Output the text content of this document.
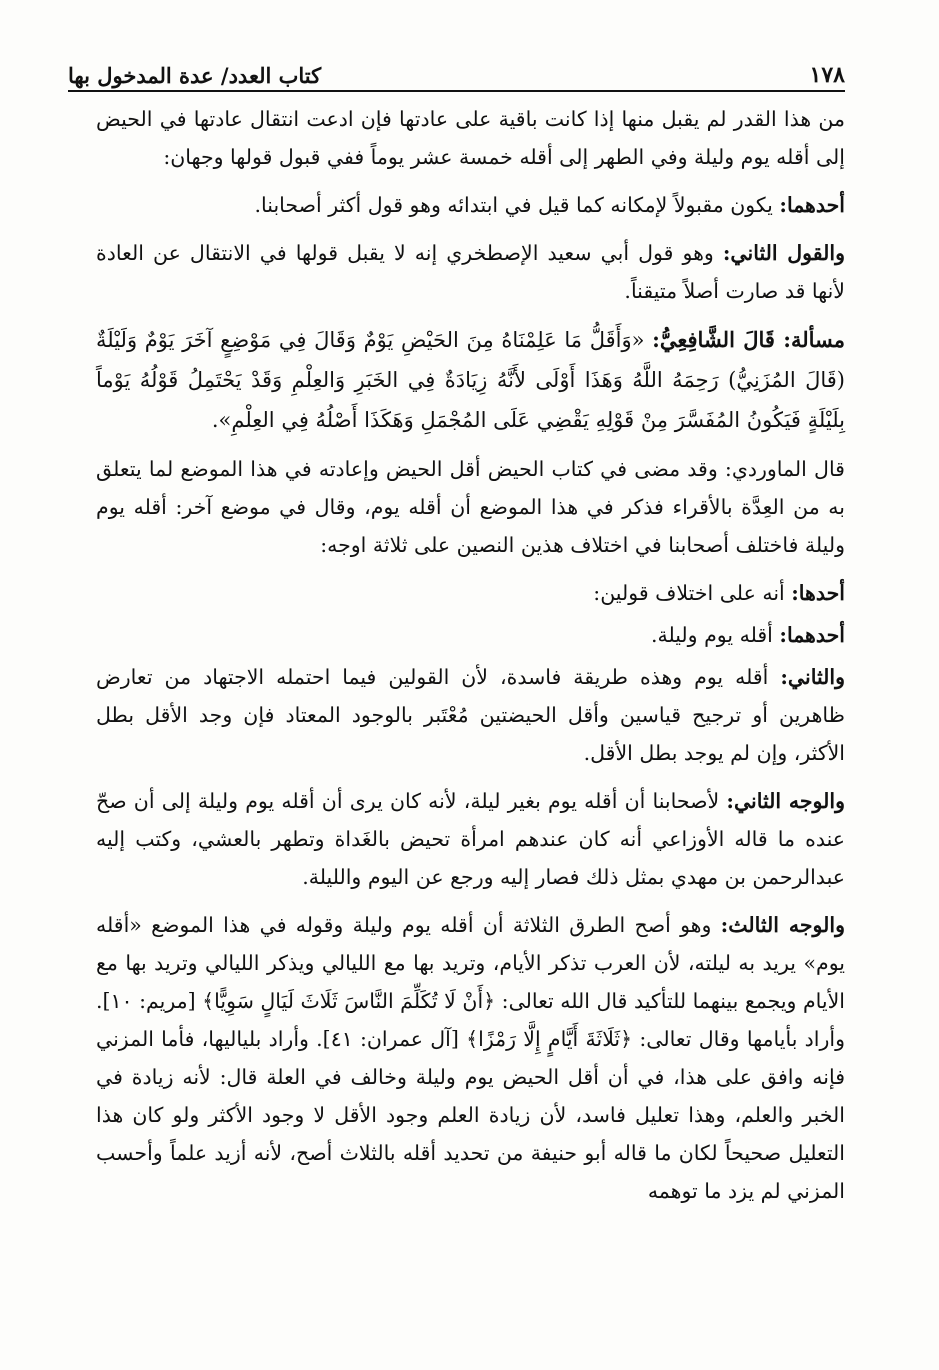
١٧٨
كتاب العدد/ عدة المدخول بها

من هذا القدر لم يقبل منها إذا كانت باقية على عادتها فإن ادعت انتقال عادتها في الحيض إلى أقله يوم وليلة وفي الطهر إلى أقله خمسة عشر يوماً ففي قبول قولها وجهان:

أحدهما: يكون مقبولاً لإمكانه كما قيل في ابتدائه وهو قول أكثر أصحابنا.

والقول الثاني: وهو قول أبي سعيد الإصطخري إنه لا يقبل قولها في الانتقال عن العادة لأنها قد صارت أصلاً متيقناً.

مسألة: قَالَ الشَّافِعِيُّ: «وَأَقَلُّ مَا عَلِمْنَاهُ مِنَ الحَيْضِ يَوْمٌ وَقَالَ فِي مَوْضِعٍ آخَرَ يَوْمٌ وَلَيْلَةٌ (قَالَ المُزَنِيُّ) رَحِمَهُ اللَّهُ وَهَذَا أَوْلَى لأَنَّهُ زِيَادَةٌ فِي الخَبَرِ وَالعِلْمِ وَقَدْ يَحْتَمِلُ قَوْلُهُ يَوْماً بِلَيْلَةٍ فَيَكُونُ المُفَسَّرَ مِنْ قَوْلِهِ يَقْضِي عَلَى المُجْمَلِ وَهَكَذَا أَصْلُهُ فِي العِلْمِ».

قال الماوردي: وقد مضى في كتاب الحيض أقل الحيض وإعادته في هذا الموضع لما يتعلق به من العِدَّة بالأقراء فذكر في هذا الموضع أن أقله يوم، وقال في موضع آخر: أقله يوم وليلة فاختلف أصحابنا في اختلاف هذين النصين على ثلاثة اوجه:

أحدها: أنه على اختلاف قولين:

أحدهما: أقله يوم وليلة.

والثاني: أقله يوم وهذه طريقة فاسدة، لأن القولين فيما احتمله الاجتهاد من تعارض ظاهرين أو ترجيح قياسين وأقل الحيضتين مُعْتَبر بالوجود المعتاد فإن وجد الأقل بطل الأكثر، وإن لم يوجد بطل الأقل.

والوجه الثاني: لأصحابنا أن أقله يوم بغير ليلة، لأنه كان يرى أن أقله يوم وليلة إلى أن صحّ عنده ما قاله الأوزاعي أنه كان عندهم امرأة تحيض بالغَداة وتطهر بالعشي، وكتب إليه عبدالرحمن بن مهدي بمثل ذلك فصار إليه ورجع عن اليوم والليلة.

والوجه الثالث: وهو أصح الطرق الثلاثة أن أقله يوم وليلة وقوله في هذا الموضع «أقله يوم» يريد به ليلته، لأن العرب تذكر الأيام، وتريد بها مع الليالي ويذكر الليالي وتريد بها مع الأيام ويجمع بينهما للتأكيد قال الله تعالى: ﴿أَنْ لَا تُكَلِّمَ النَّاسَ ثَلَاثَ لَيَالٍ سَوِيًّا﴾ [مريم: ١٠]. وأراد بأيامها وقال تعالى: ﴿ثَلَاثَةَ أَيَّامٍ إِلَّا رَمْزًا﴾ [آل عمران: ٤١]. وأراد بلياليها، فأما المزني فإنه وافق على هذا، في أن أقل الحيض يوم وليلة وخالف في العلة قال: لأنه زيادة في الخبر والعلم، وهذا تعليل فاسد، لأن زيادة العلم وجود الأقل لا وجود الأكثر ولو كان هذا التعليل صحيحاً لكان ما قاله أبو حنيفة من تحديد أقله بالثلاث أصح، لأنه أزيد علماً وأحسب المزني لم يزد ما توهمه
